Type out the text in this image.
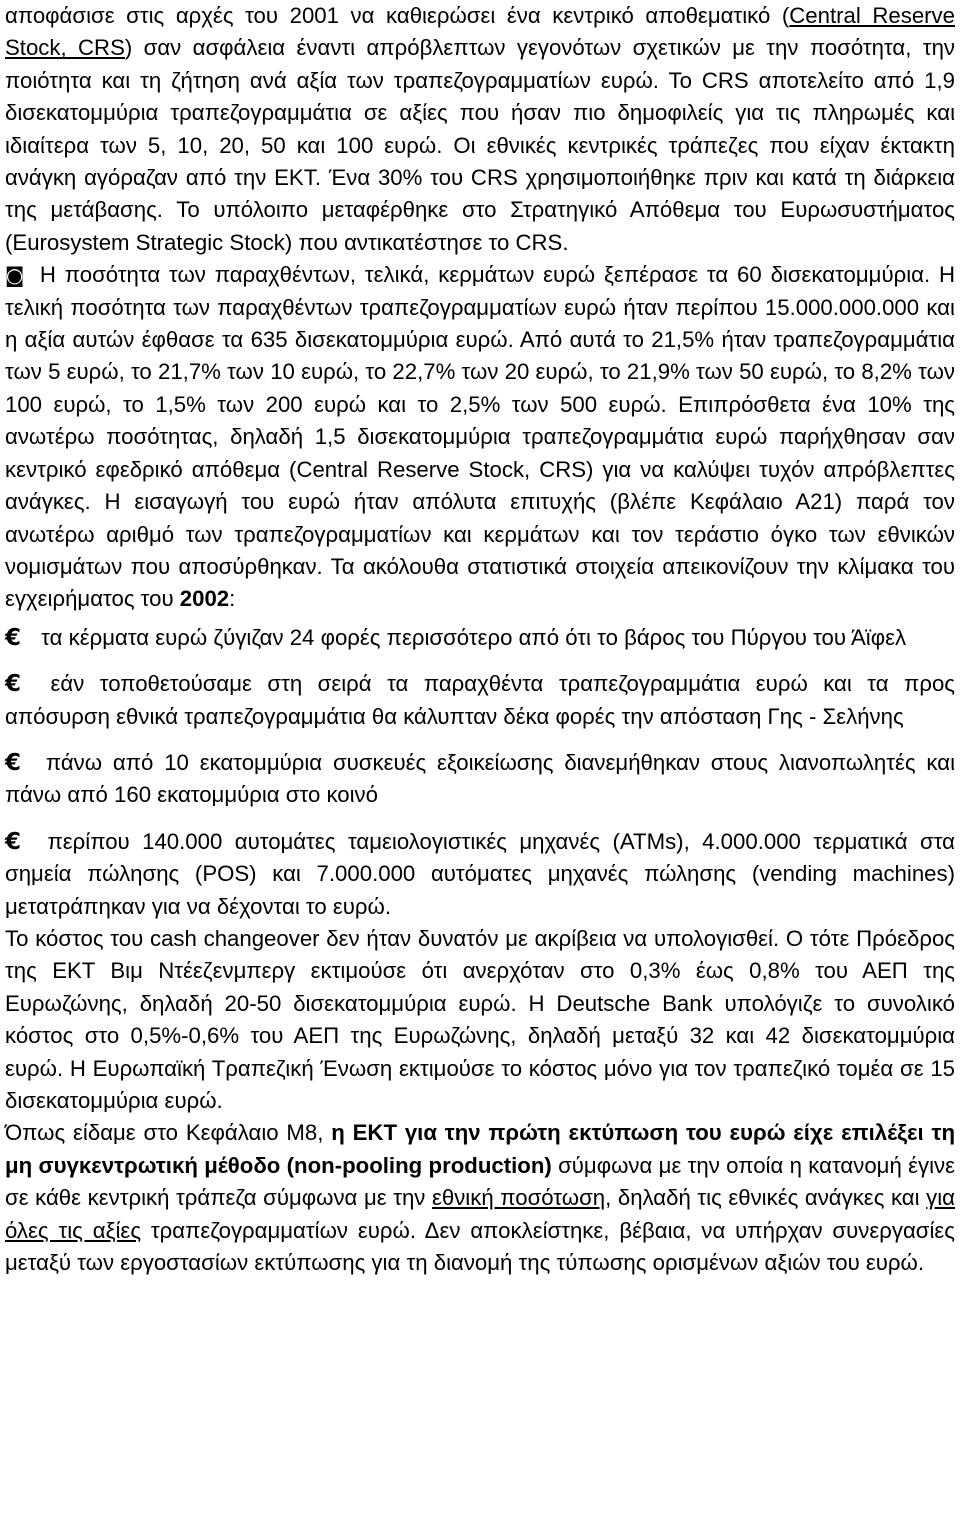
αποφάσισε στις αρχές του 2001 να καθιερώσει ένα κεντρικό αποθεματικό (Central Reserve Stock, CRS) σαν ασφάλεια έναντι απρόβλεπτων γεγονότων σχετικών με την ποσότητα, την ποιότητα και τη ζήτηση ανά αξία των τραπεζογραμματίων ευρώ. Το CRS αποτελείτο από 1,9 δισεκατομμύρια τραπεζογραμμάτια σε αξίες που ήσαν πιο δημοφιλείς για τις πληρωμές και ιδιαίτερα των 5, 10, 20, 50 και 100 ευρώ. Οι εθνικές κεντρικές τράπεζες που είχαν έκτακτη ανάγκη αγόραζαν από την ΕΚΤ. Ένα 30% του CRS χρησιμοποιήθηκε πριν και κατά τη διάρκεια της μετάβασης. Το υπόλοιπο μεταφέρθηκε στο Στρατηγικό Απόθεμα του Ευρωσυστήματος (Eurosystem Strategic Stock) που αντικατέστησε το CRS.

◙ Η ποσότητα των παραχθέντων, τελικά, κερμάτων ευρώ ξεπέρασε τα 60 δισεκατομμύρια. Η τελική ποσότητα των παραχθέντων τραπεζογραμματίων ευρώ ήταν περίπου 15.000.000.000 και η αξία αυτών έφθασε τα 635 δισεκατομμύρια ευρώ. Από αυτά το 21,5% ήταν τραπεζογραμμάτια των 5 ευρώ, το 21,7% των 10 ευρώ, το 22,7% των 20 ευρώ, το 21,9% των 50 ευρώ, το 8,2% των 100 ευρώ, το 1,5% των 200 ευρώ και το 2,5% των 500 ευρώ. Επιπρόσθετα ένα 10% της ανωτέρω ποσότητας, δηλαδή 1,5 δισεκατομμύρια τραπεζογραμμάτια ευρώ παρήχθησαν σαν κεντρικό εφεδρικό απόθεμα (Central Reserve Stock, CRS) για να καλύψει τυχόν απρόβλεπτες ανάγκες. Η εισαγωγή του ευρώ ήταν απόλυτα επιτυχής (βλέπε Κεφάλαιο Α21) παρά τον ανωτέρω αριθμό των τραπεζογραμματίων και κερμάτων και τον τεράστιο όγκο των εθνικών νομισμάτων που αποσύρθηκαν. Τα ακόλουθα στατιστικά στοιχεία απεικονίζουν την κλίμακα του εγχειρήματος του 2002:

€ τα κέρματα ευρώ ζύγιζαν 24 φορές περισσότερο από ότι το βάρος του Πύργου του Άϊφελ

€ εάν τοποθετούσαμε στη σειρά τα παραχθέντα τραπεζογραμμάτια ευρώ και τα προς απόσυρση εθνικά τραπεζογραμμάτια θα κάλυπταν δέκα φορές την απόσταση Γης - Σελήνης

€ πάνω από 10 εκατομμύρια συσκευές εξοικείωσης διανεμήθηκαν στους λιανοπωλητές και πάνω από 160 εκατομμύρια στο κοινό

€ περίπου 140.000 αυτομάτες ταμειολογιστικές μηχανές (ATMs), 4.000.000 τερματικά στα σημεία πώλησης (POS) και 7.000.000 αυτόματες μηχανές πώλησης (vending machines) μετατράπηκαν για να δέχονται το ευρώ.

Το κόστος του cash changeover δεν ήταν δυνατόν με ακρίβεια να υπολογισθεί. Ο τότε Πρόεδρος της ΕΚΤ Βιμ Ντέεζενμπεργ εκτιμούσε ότι ανερχόταν στο 0,3% έως 0,8% του ΑΕΠ της Ευρωζώνης, δηλαδή 20-50 δισεκατομμύρια ευρώ. Η Deutsche Bank υπολόγιζε το συνολικό κόστος στο 0,5%-0,6% του ΑΕΠ της Ευρωζώνης, δηλαδή μεταξύ 32 και 42 δισεκατομμύρια ευρώ. Η Ευρωπαϊκή Τραπεζική Ένωση εκτιμούσε το κόστος μόνο για τον τραπεζικό τομέα σε 15 δισεκατομμύρια ευρώ.

Όπως είδαμε στο Κεφάλαιο Μ8, η ΕΚΤ για την πρώτη εκτύπωση του ευρώ είχε επιλέξει τη μη συγκεντρωτική μέθοδο (non-pooling production) σύμφωνα με την οποία η κατανομή έγινε σε κάθε κεντρική τράπεζα σύμφωνα με την εθνική ποσότωση, δηλαδή τις εθνικές ανάγκες και για όλες τις αξίες τραπεζογραμματίων ευρώ. Δεν αποκλείστηκε, βέβαια, να υπήρχαν συνεργασίες μεταξύ των εργοστασίων εκτύπωσης για τη διανομή της τύπωσης ορισμένων αξιών του ευρώ.
